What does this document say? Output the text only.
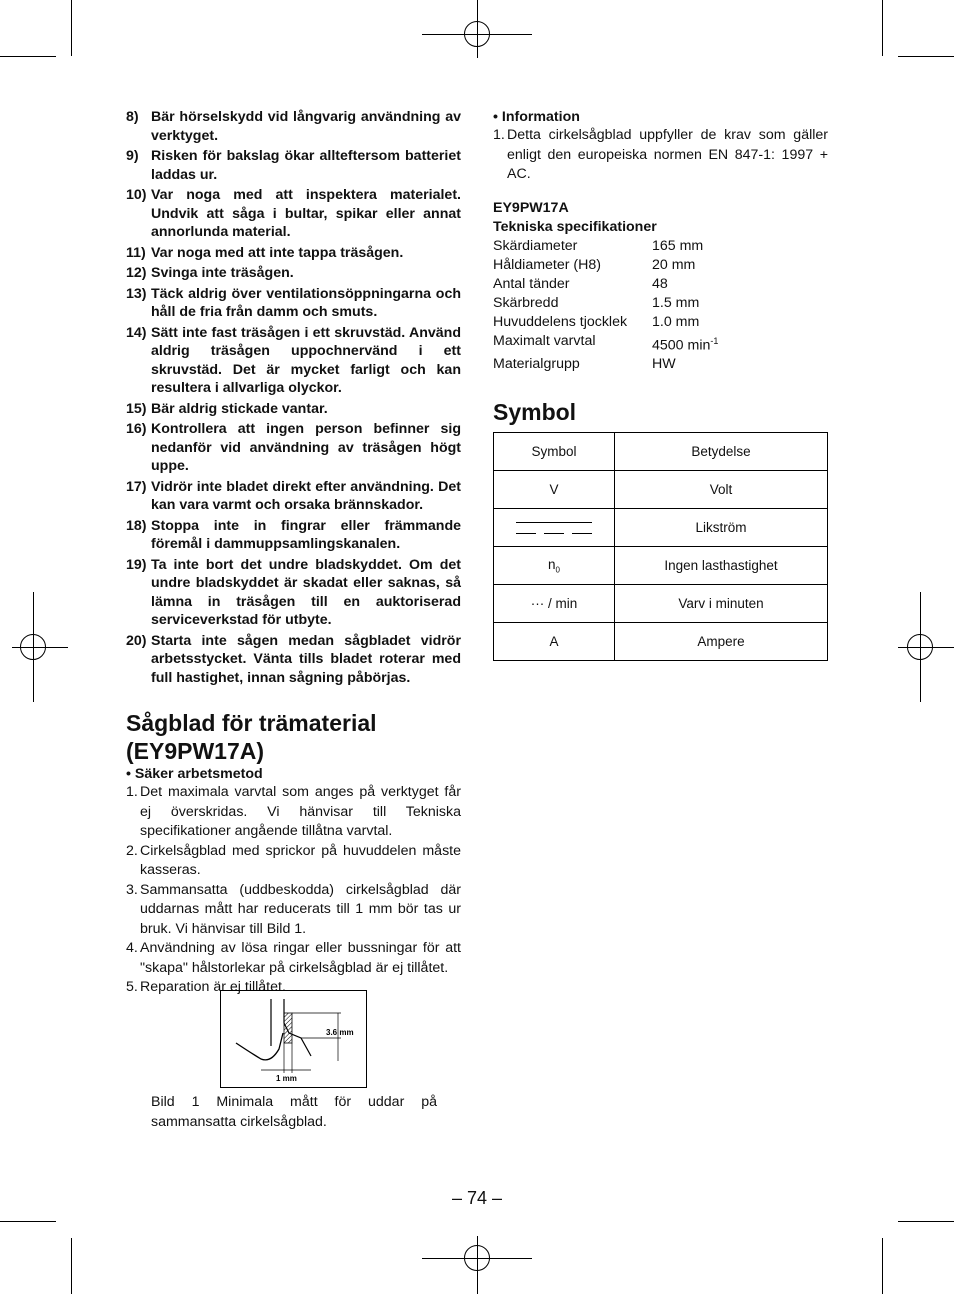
8) Bär hörselskydd vid långvarig användning av verktyget.
9) Risken för bakslag ökar allteftersom batteriet laddas ur.
10) Var noga med att inspektera materialet. Undvik att såga i bultar, spikar eller annat annorlunda material.
11) Var noga med att inte tappa träsågen.
12) Svinga inte träsågen.
13) Täck aldrig över ventilationsöppningarna och håll de fria från damm och smuts.
14) Sätt inte fast träsågen i ett skruvstäd. Använd aldrig träsågen uppochnervänd i ett skruvstäd. Det är mycket farligt och kan resultera i allvarliga olyckor.
15) Bär aldrig stickade vantar.
16) Kontrollera att ingen person befinner sig nedanför vid användning av träsågen högt uppe.
17) Vidrör inte bladet direkt efter användning. Det kan vara varmt och orsaka brännskador.
18) Stoppa inte in fingrar eller främmande föremål i dammuppsamlingskanalen.
19) Ta inte bort det undre bladskyddet. Om det undre bladskyddet är skadat eller saknas, så lämna in träsågen till en auktoriserad serviceverkstad för utbyte.
20) Starta inte sågen medan sågbladet vidrör arbetsstycket. Vänta tills bladet roterar med full hastighet, innan sågning påbörjas.
Sågblad för trämaterial
(EY9PW17A)
• Säker arbetsmetod
1. Det maximala varvtal som anges på verktyget får ej överskridas. Vi hänvisar till Tekniska specifikationer angående tillåtna varvtal.
2. Cirkelsågblad med sprickor på huvuddelen måste kasseras.
3. Sammansatta (uddbeskodda) cirkelsågblad där uddarnas mått har reducerats till 1 mm bör tas ur bruk. Vi hänvisar till Bild 1.
4. Användning av lösa ringar eller bussningar för att "skapa" hålstorlekar på cirkelsågblad är ej tillåtet.
5. Reparation är ej tillåtet.
3.6 mm
1 mm
Bild 1 Minimala mått för uddar på sammansatta cirkelsågblad.
• Information
1. Detta cirkelsågblad uppfyller de krav som gäller enligt den europeiska normen EN 847-1: 1997 + AC.
EY9PW17A
Tekniska specifikationer
Skärdiameter	165 mm
Håldiameter (H8)	20 mm
Antal tänder	48
Skärbredd	1.5 mm
Huvuddelens tjocklek	1.0 mm
Maximalt varvtal	4500 $\min^{-1}$
Materialgrupp	HW
Symbol
Symbol	Betydelse
V	Volt

	Likström
$n_0$	Ingen lasthastighet
··· / min	Varv i minuten
A	Ampere
– 74 –
